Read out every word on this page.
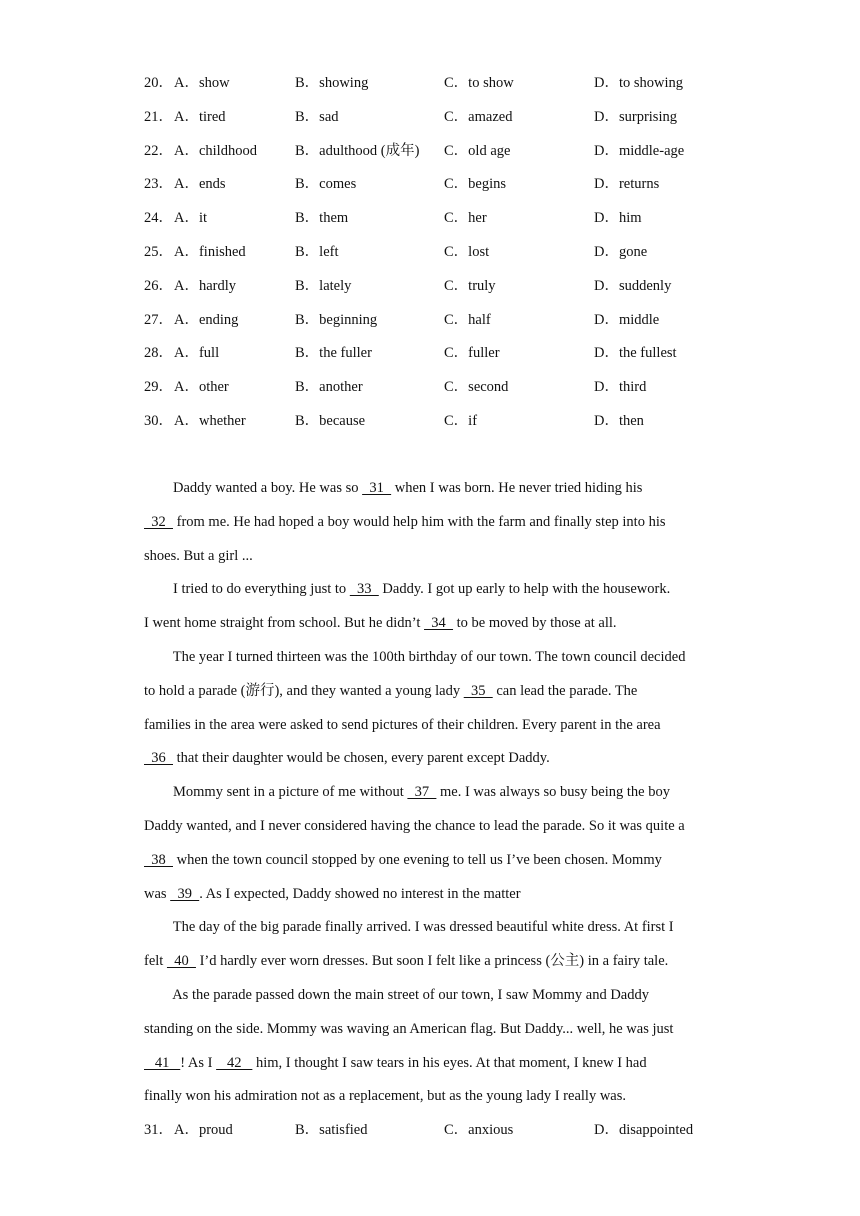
20． A．show	B．showing	C．to show	D．to showing
21． A．tired	B．sad	C．amazed	D．surprising
22． A．childhood	B．adulthood (成年) C．old age	D．middle-age
23． A．ends	B．comes	C．begins	D．returns
24． A．it	B．them	C．her	D．him
25． A．finished	B．left	C．lost	D．gone
26． A．hardly	B．lately	C．truly	D．suddenly
27． A．ending	B．beginning	C．half	D．middle
28． A．full	B．the fuller	C．fuller	D．the fullest
29． A．other	B．another	C．second	D．third
30． A．whether	B．because	C．if	D．then
Daddy wanted a boy. He was so   31   when I was born. He never tried hiding his
32   from me. He had hoped a boy would help him with the farm and finally step into his
shoes. But a girl ...
I tried to do everything just to   33   Daddy. I got up early to help with the housework.
I went home straight from school. But he didn’t   34   to be moved by those at all.
The year I turned thirteen was the 100th birthday of our town. The town council decided
to hold a parade (游行), and they wanted a young lady   35   can lead the parade. The
families in the area were asked to send pictures of their children. Every parent in the area
36   that their daughter would be chosen, every parent except Daddy.
Mommy sent in a picture of me without   37   me. I was always so busy being the boy
Daddy wanted, and I never considered having the chance to lead the parade. So it was quite a
38   when the town council stopped by one evening to tell us I’ve been chosen. Mommy
was   39  . As I expected, Daddy showed no interest in the matter
The day of the big parade finally arrived. I was dressed beautiful white dress. At first I
felt   40   I’d hardly ever worn dresses. But soon I felt like a princess (公主) in a fairy tale.
As the parade passed down the main street of our town, I saw Mommy and Daddy
standing on the side. Mommy was waving an American flag. But Daddy... well, he was just
41   ! As I    42    him, I thought I saw tears in his eyes. At that moment, I knew I had
finally won his admiration not as a replacement, but as the young lady I really was.
31． A．proud	B．satisfied	C．anxious	D．disappointed
